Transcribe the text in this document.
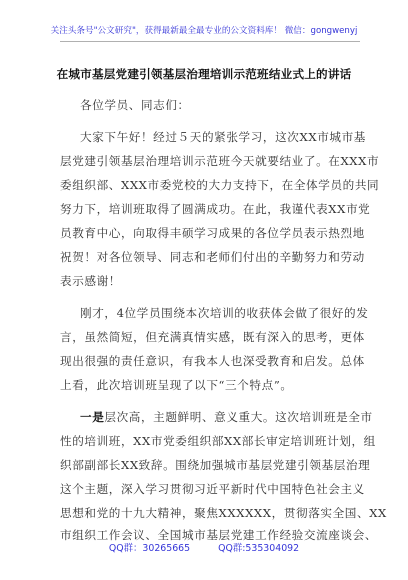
关注头条号"公文研究"，获得最新最全最专业的公文资料库！ 微信：gongwenyj
在城市基层党建引领基层治理培训示范班结业式上的讲话
各位学员、同志们：
大家下午好！经过５天的紧张学习，这次XX市城市基
层党建引领基层治理培训示范班今天就要结业了。在XXX市
委组织部、XXX市委党校的大力支持下，在全体学员的共同
努力下，培训班取得了圆满成功。在此，我谨代表XX市党
员教育中心，向取得丰硕学习成果的各位学员表示热烈地
祝贺！对各位领导、同志和老师们付出的辛勤努力和劳动
表示感谢！
刚才，4位学员围绕本次培训的收获体会做了很好的发
言，虽然简短，但充满真情实感，既有深入的思考，更体
现出很强的责任意识，有我本人也深受教育和启发。总体
上看，此次培训班呈现了以下“三个特点”。
一是层次高，主题鲜明、意义重大。这次培训班是全市
性的培训班，XX市党委组织部XX部长审定培训班计划，组
织部副部长XX致辞。围绕加强城市基层党建引领基层治理
这个主题，深入学习贯彻习近平新时代中国特色社会主义
思想和党的十九大精神，聚焦XXXXXX，贯彻落实全国、XX
市组织工作会议、全国城市基层党建工作经验交流座谈会、
QQ群：30265665	QQ群:535304092
